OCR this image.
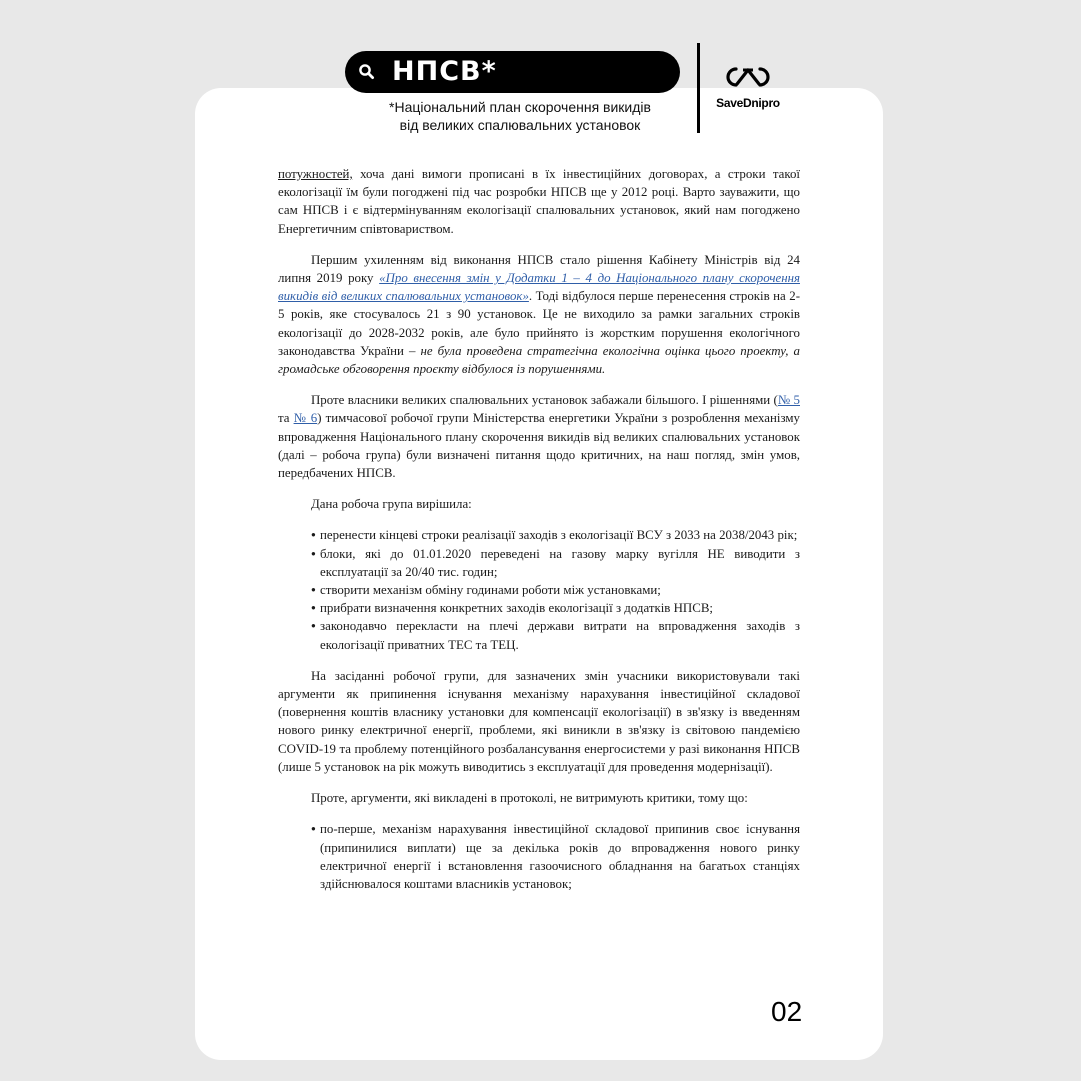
НПСВ*
*Національний план скорочення викидів
від великих спалювальних установок
SaveDnipro

потужностей, хоча дані вимоги прописані в їх інвестиційних договорах, а строки такої екологізації їм були погоджені під час розробки НПСВ ще у 2012 році. Варто зауважити, що сам НПСВ і є відтермінуванням екологізації спалювальних установок, який нам погоджено Енергетичним співтовариством.

Першим ухиленням від виконання НПСВ стало рішення Кабінету Міністрів від 24 липня 2019 року «Про внесення змін у Додатки 1 – 4 до Національного плану скорочення викидів від великих спалювальних установок». Тоді відбулося перше перенесення строків на 2-5 років, яке стосувалось 21 з 90 установок. Це не виходило за рамки загальних строків екологізації до 2028-2032 років, але було прийнято із жорстким порушення екологічного законодавства України – не була проведена стратегічна екологічна оцінка цього проекту, а громадське обговорення проєкту відбулося із порушеннями.

Проте власники великих спалювальних установок забажали більшого. І рішеннями (№ 5 та № 6) тимчасової робочої групи Міністерства енергетики України з розроблення механізму впровадження Національного плану скорочення викидів від великих спалювальних установок (далі – робоча група) були визначені питання щодо критичних, на наш погляд, змін умов, передбачених НПСВ.

Дана робоча група вирішила:

● перенести кінцеві строки реалізації заходів з екологізації ВСУ з 2033 на 2038/2043 рік;
● блоки, які до 01.01.2020 переведені на газову марку вугілля НЕ виводити з експлуатації за 20/40 тис. годин;
● створити механізм обміну годинами роботи між установками;
● прибрати визначення конкретних заходів екологізації з додатків НПСВ;
● законодавчо перекласти на плечі держави витрати на впровадження заходів з екологізації приватних ТЕС та ТЕЦ.

На засіданні робочої групи, для зазначених змін учасники використовували такі аргументи як припинення існування механізму нарахування інвестиційної складової (повернення коштів власнику установки для компенсації екологізації) в зв'язку із введенням нового ринку електричної енергії, проблеми, які виникли в зв'язку із світовою пандемією COVID-19 та проблему потенційного розбалансування енергосистеми у разі виконання НПСВ (лише 5 установок на рік можуть виводитись з експлуатації для проведення модернізації).

Проте, аргументи, які викладені в протоколі, не витримують критики, тому що:

● по-перше, механізм нарахування інвестиційної складової припинив своє існування (припинилися виплати) ще за декілька років до впровадження нового ринку електричної енергії і встановлення газоочисного обладнання на багатьох станціях здійснювалося коштами власників установок;
02
